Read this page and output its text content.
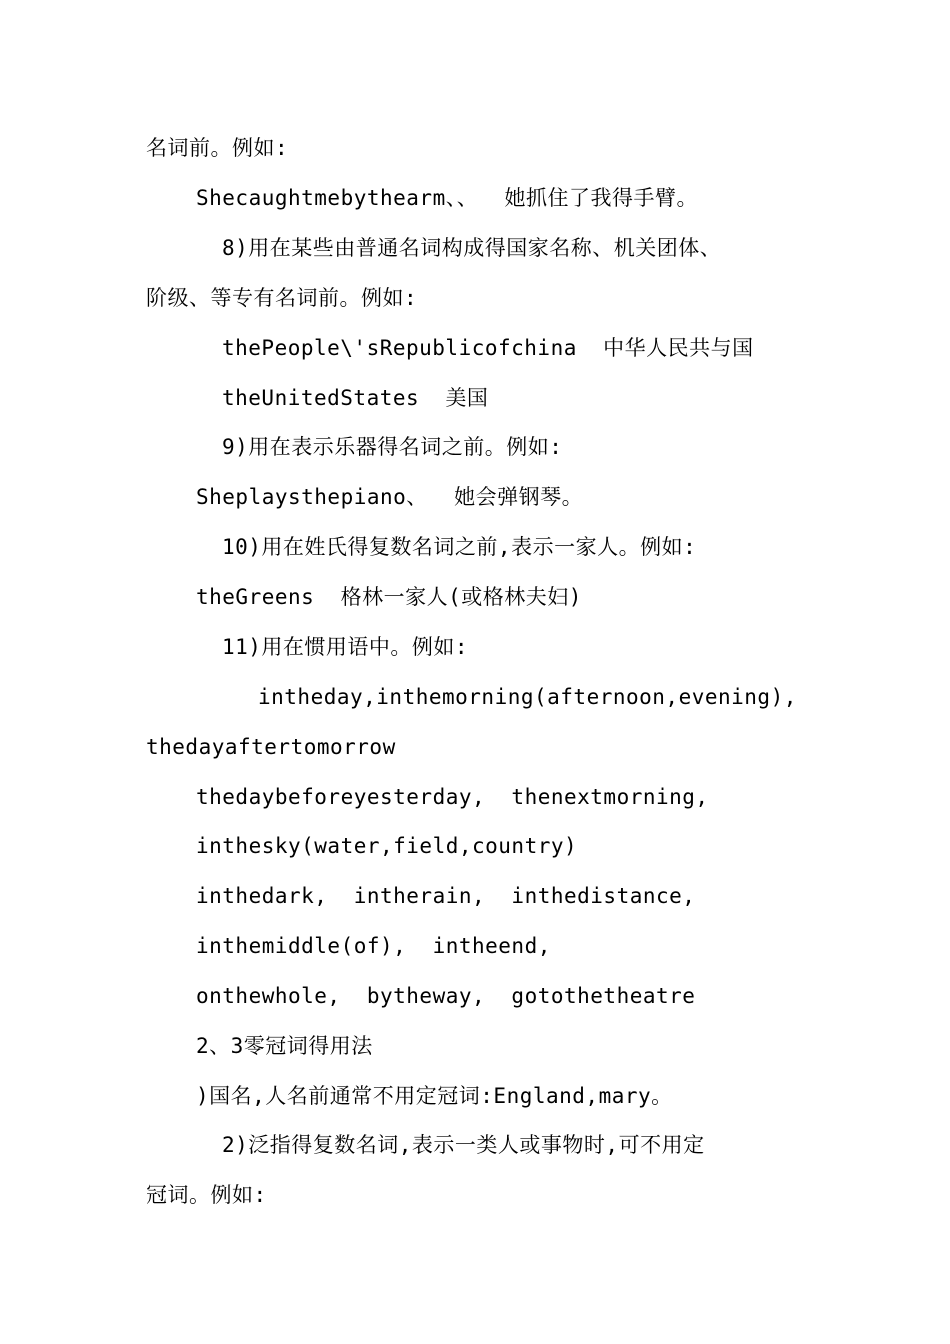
名词前。例如:
Shecaughtmebythearm、、  她抓住了我得手臂。
8)用在某些由普通名词构成得国家名称、机关团体、
阶级、等专有名词前。例如:
thePeople\'sRepublicofchina  中华人民共与国
theUnitedStates  美国
9)用在表示乐器得名词之前。例如:
Sheplaysthepiano、  她会弹钢琴。
10)用在姓氏得复数名词之前,表示一家人。例如:
theGreens  格林一家人(或格林夫妇)
11)用在惯用语中。例如:
intheday,inthemorning(afternoon,evening),
thedayaftertomorrow
thedaybeforeyesterday,  thenextmorning,
inthesky(water,field,country)
inthedark,  intherain,  inthedistance,
inthemiddle(of),  intheend,
onthewhole,  bytheway,  gotothetheatre
2、3零冠词得用法
)国名,人名前通常不用定冠词:England,mary。
2)泛指得复数名词,表示一类人或事物时,可不用定
冠词。例如:
